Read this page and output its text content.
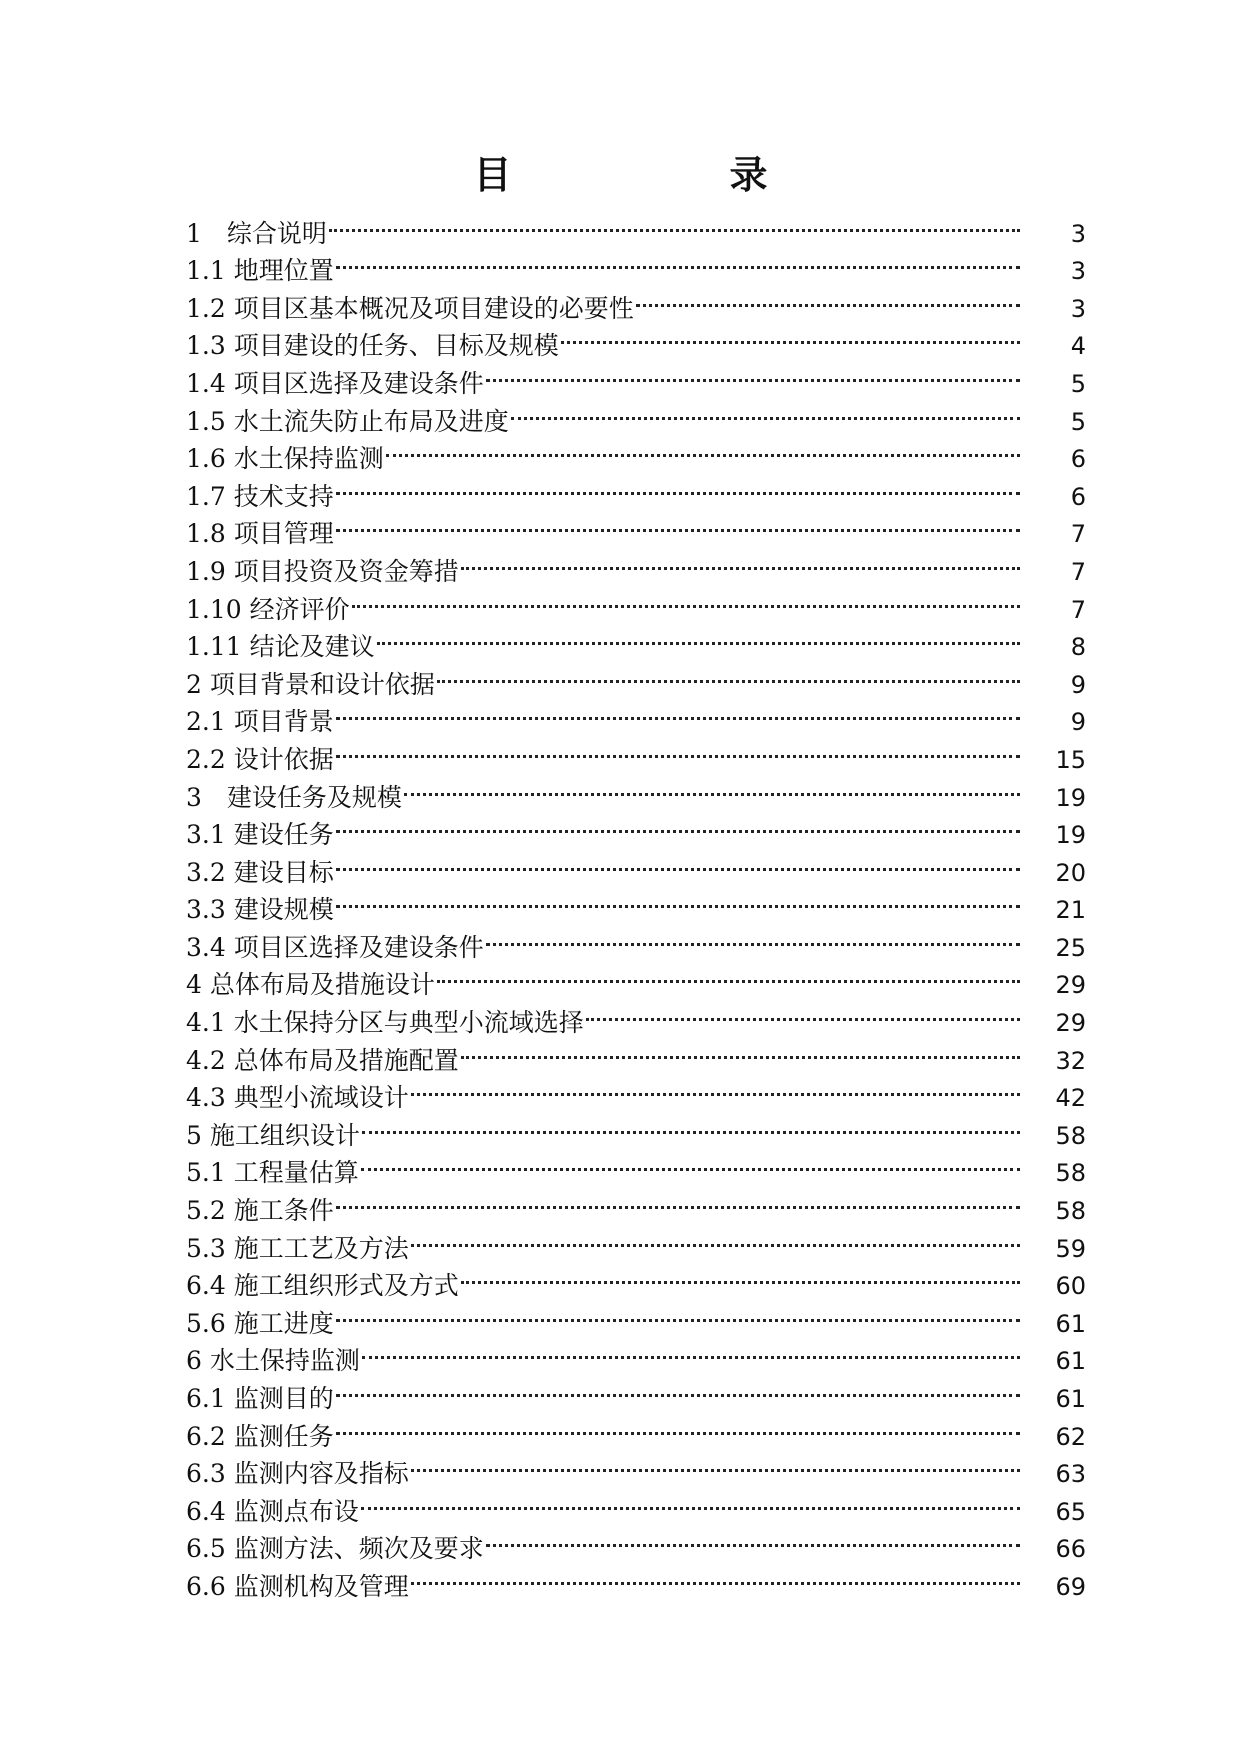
目　录
1　综合说明	3
1.1 地理位置	3
1.2 项目区基本概况及项目建设的必要性	3
1.3 项目建设的任务、目标及规模	4
1.4 项目区选择及建设条件	5
1.5 水土流失防止布局及进度	5
1.6 水土保持监测	6
1.7 技术支持	6
1.8 项目管理	7
1.9 项目投资及资金筹措	7
1.10 经济评价	7
1.11 结论及建议	8
2 项目背景和设计依据	9
2.1 项目背景	9
2.2 设计依据	15
3　建设任务及规模	19
3.1 建设任务	19
3.2 建设目标	20
3.3 建设规模	21
3.4 项目区选择及建设条件	25
4 总体布局及措施设计	29
4.1 水土保持分区与典型小流域选择	29
4.2 总体布局及措施配置	32
4.3 典型小流域设计	42
5 施工组织设计	58
5.1 工程量估算	58
5.2 施工条件	58
5.3 施工工艺及方法	59
6.4 施工组织形式及方式	60
5.6 施工进度	61
6 水土保持监测	61
6.1 监测目的	61
6.2 监测任务	62
6.3 监测内容及指标	63
6.4 监测点布设	65
6.5 监测方法、频次及要求	66
6.6 监测机构及管理	69
